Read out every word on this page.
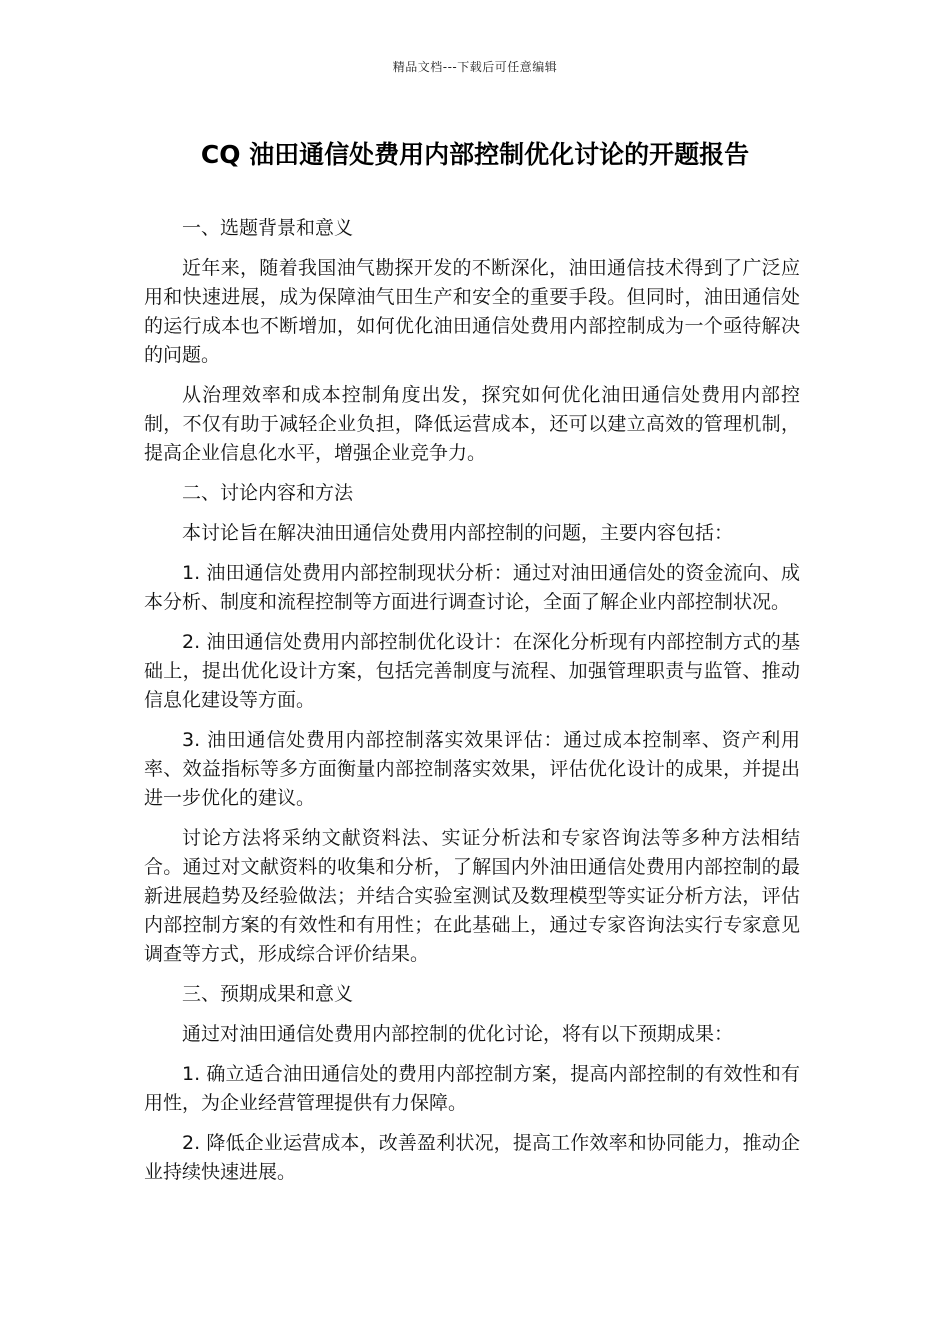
精品文档---下载后可任意编辑
CQ 油田通信处费用内部控制优化讨论的开题报告

一、选题背景和意义

近年来，随着我国油气勘探开发的不断深化，油田通信技术得到了广泛应用和快速进展，成为保障油气田生产和安全的重要手段。但同时，油田通信处的运行成本也不断增加，如何优化油田通信处费用内部控制成为一个亟待解决的问题。

从治理效率和成本控制角度出发，探究如何优化油田通信处费用内部控制，不仅有助于减轻企业负担，降低运营成本，还可以建立高效的管理机制，提高企业信息化水平，增强企业竞争力。

二、讨论内容和方法

本讨论旨在解决油田通信处费用内部控制的问题，主要内容包括：

1. 油田通信处费用内部控制现状分析：通过对油田通信处的资金流向、成本分析、制度和流程控制等方面进行调查讨论，全面了解企业内部控制状况。

2. 油田通信处费用内部控制优化设计：在深化分析现有内部控制方式的基础上，提出优化设计方案，包括完善制度与流程、加强管理职责与监管、推动信息化建设等方面。

3. 油田通信处费用内部控制落实效果评估：通过成本控制率、资产利用率、效益指标等多方面衡量内部控制落实效果，评估优化设计的成果，并提出进一步优化的建议。

讨论方法将采纳文献资料法、实证分析法和专家咨询法等多种方法相结合。通过对文献资料的收集和分析，了解国内外油田通信处费用内部控制的最新进展趋势及经验做法；并结合实验室测试及数理模型等实证分析方法，评估内部控制方案的有效性和有用性；在此基础上，通过专家咨询法实行专家意见调查等方式，形成综合评价结果。

三、预期成果和意义

通过对油田通信处费用内部控制的优化讨论，将有以下预期成果：

1. 确立适合油田通信处的费用内部控制方案，提高内部控制的有效性和有用性，为企业经营管理提供有力保障。

2. 降低企业运营成本，改善盈利状况，提高工作效率和协同能力，推动企业持续快速进展。
